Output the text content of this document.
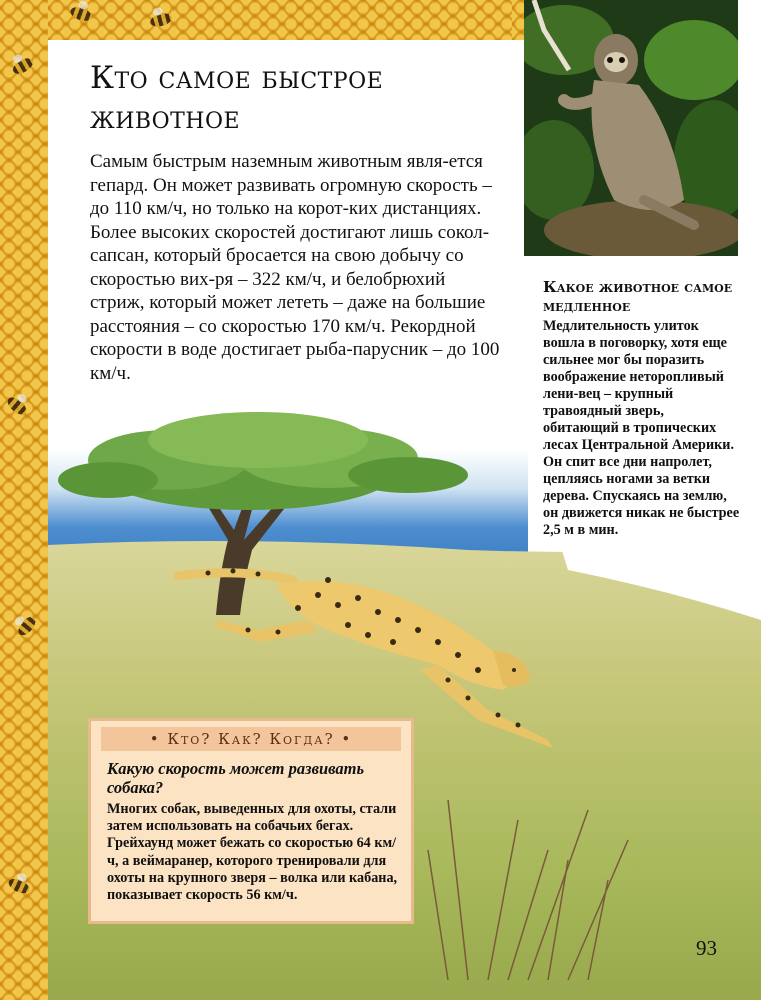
Кто самое быстрое животное

Самым быстрым наземным животным явля-ется гепард. Он может развивать огромную скорость – до 110 км/ч, но только на корот-ких дистанциях. Более высоких скоростей достигают лишь сокол-сапсан, который бросается на свою добычу со скоростью вих-ря – 322 км/ч, и белобрюхий стриж, который может лететь – даже на большие расстояния – со скоростью 170 км/ч. Рекордной скорости в воде достигает рыба-парусник – до 100 км/ч.

Какое животное самое медленное

Медлительность улиток вошла в поговорку, хотя еще сильнее мог бы поразить воображение неторопливый лени-вец – крупный травоядный зверь, обитающий в тропических лесах Центральной Америки. Он спит все дни напролет, цепляясь ногами за ветки дерева. Спускаясь на землю, он движется никак не быстрее 2,5 м в мин.

• Кто? Как? Когда? •

Какую скорость может развивать собака?

Многих собак, выведенных для охоты, стали затем использовать на собачьих бегах. Грейхаунд может бежать со скоростью 64 км/ч, а веймаранер, которого тренировали для охоты на крупного зверя – волка или кабана, показывает скорость 56 км/ч.

93
